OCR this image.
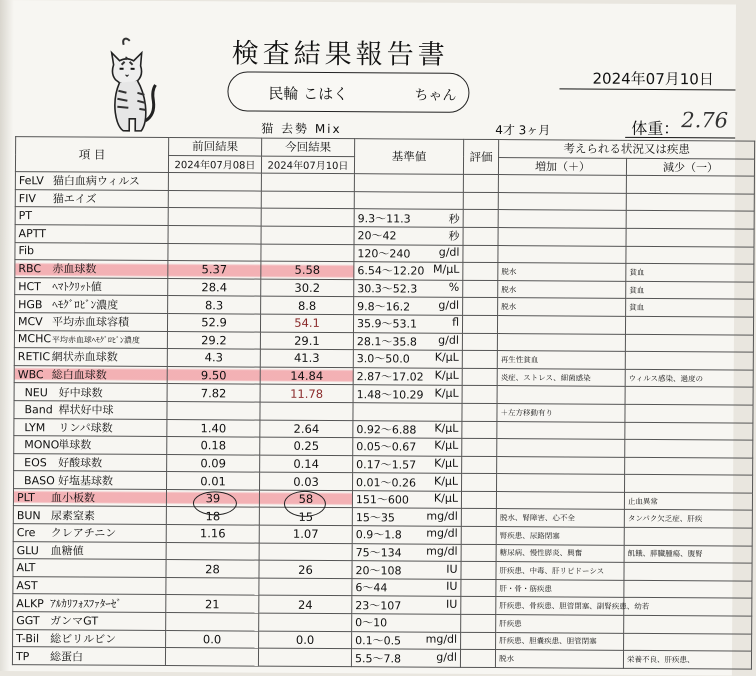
検査結果報告書
民輪 こはく	ちゃん
2024年07月10日
猫 去勢 Mix	4才 3ヶ月	体重： 2.76
項 目	前回結果	今回結果	基準値	評価	考えられる状況又は疾患	
	2024年07月08日	2024年07月10日			増加（＋）	減少（一）
FeLV 猫白血病ウィルス			

FIV 猫エイズ			

PT			9.3～11.3 秒			

APTT			20～42 秒			

Fib			120～240 g/dl			

RBC 赤血球数	5.37	5.58	6.54～12.20 M/μL		脱水	貧血
HCT ﾍﾏﾄｸﾘｯﾄ値	28.4	30.2	30.3～52.3 %		脱水	貧血
HGB ﾍﾓｸﾞﾛﾋﾞﾝ濃度	8.3	8.8	9.8～16.2 g/dl		脱水	貧血
MCV 平均赤血球容積	52.9	54.1	35.9～53.1 fl			

MCHC平均赤血球ﾍﾓｸﾞﾛﾋﾞﾝ濃度	29.2	29.1	28.1～35.8 g/dl			

RETIC 網状赤血球数	4.3	41.3	3.0～50.0 K/μL		再生性貧血	
WBC 総白血球数	9.50	14.84	2.87～17.02 K/μL		炎症、ストレス、細菌感染	ウィルス感染、過度の
NEU 好中球数	7.82	11.78	1.48～10.29 K/μL			

Band 桿状好中球					＋左方移動有り	
LYM リンパ球数	1.40	2.64	0.92～6.88 K/μL			

MONO単球数	0.18	0.25	0.05～0.67 K/μL			

EOS 好酸球数	0.09	0.14	0.17～1.57 K/μL			

BASO 好塩基球数	0.01	0.03	0.01～0.26 K/μL			

PLT 血小板数	39	58	151～600 K/μL			止血異常
BUN 尿素窒素	18	15	15～35 mg/dl		脱水、腎障害、心不全	タンパク欠乏症、肝疾
Cre クレアチニン	1.16	1.07	0.9～1.8 mg/dl		腎疾患、尿路閉塞	
GLU 血糖値			75～134 mg/dl		糖尿病、慢性膵炎、興奮	飢餓、膵臓腫瘍、腹腎
ALT	28	26	20～108 IU		肝疾患、中毒、肝リピドーシス	
AST			6～44 IU		肝・骨・筋疾患	
ALKP ｱﾙｶﾘﾌｫｽﾌｧﾀｰｾﾞ	21	24	23～107 IU		肝疾患、骨疾患、胆管閉塞、副腎疾患、幼若	
GGT ガンマGT			0～10		肝疾患	
T-Bil 総ビリルビン	0.0	0.0	0.1～0.5 mg/dl		肝疾患、胆嚢疾患、胆管閉塞	
TP 総蛋白			5.5～7.8 g/dl		脱水	栄養不良、肝疾患、
